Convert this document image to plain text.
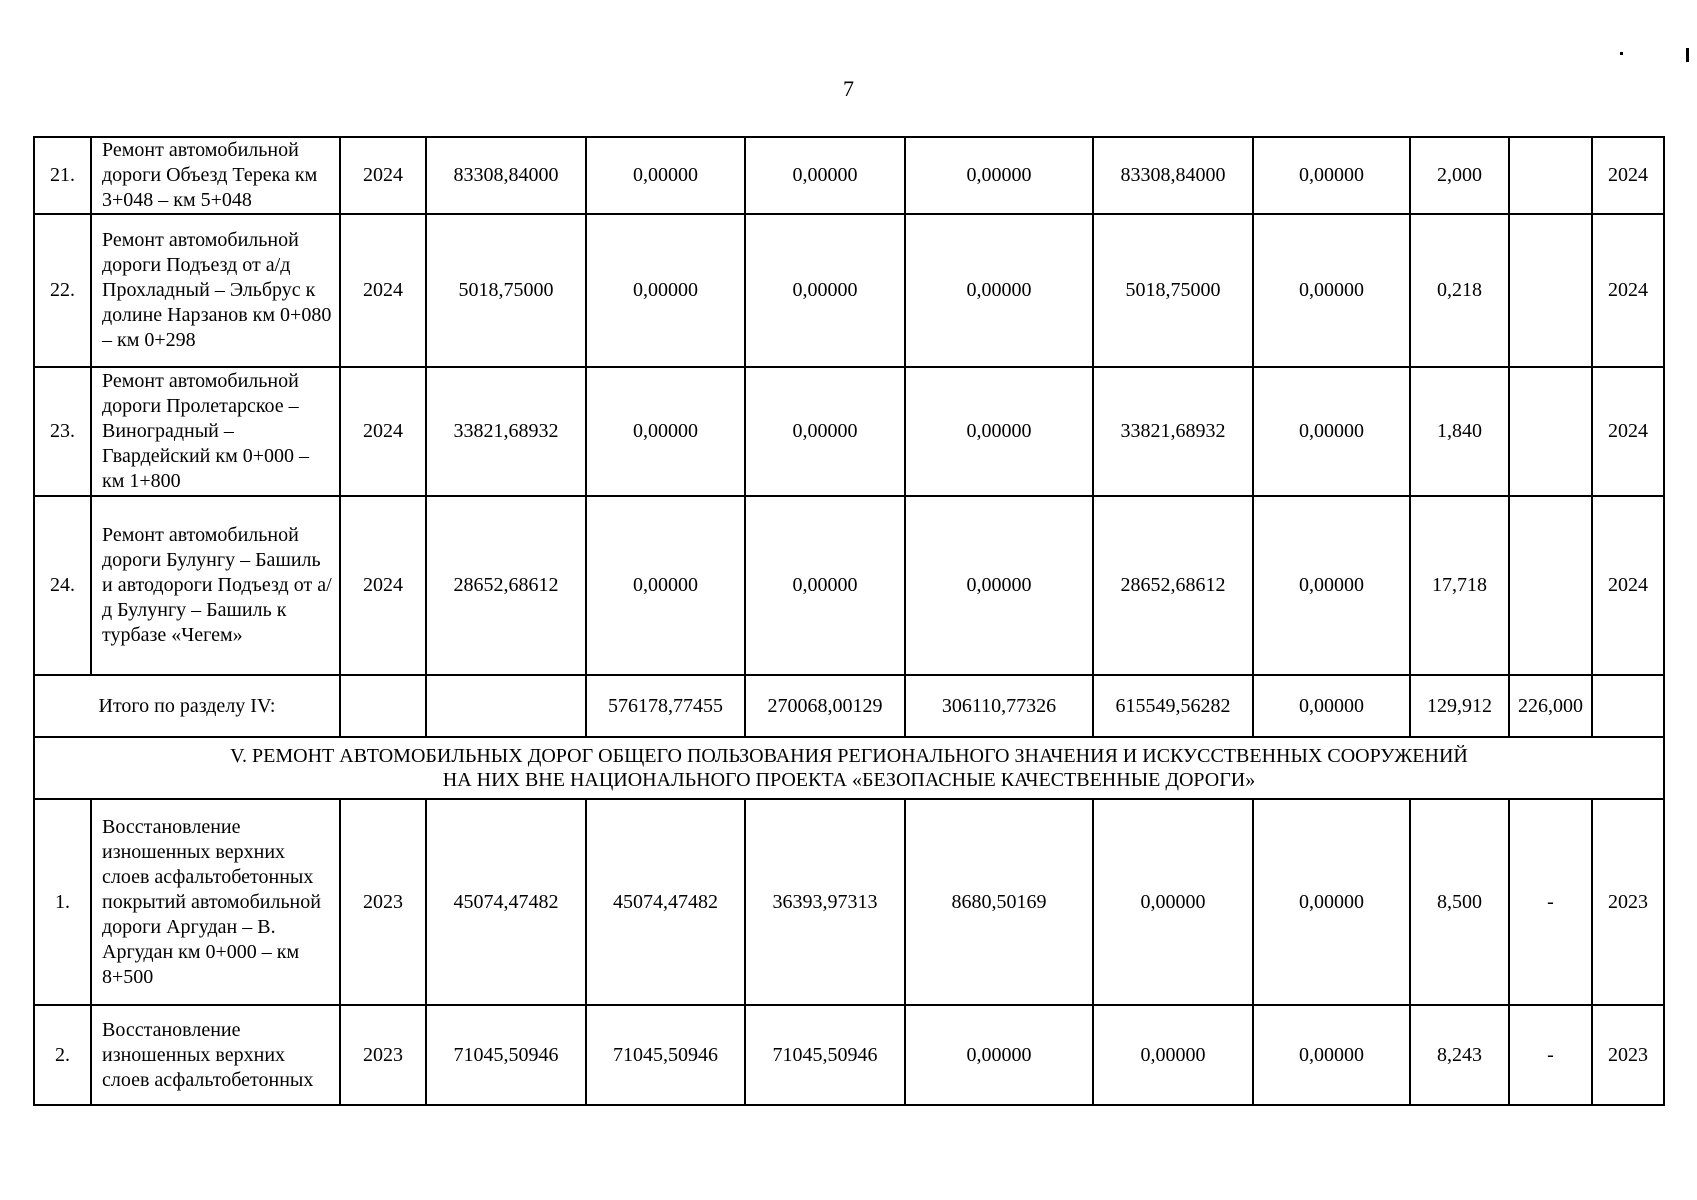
7
21.	Ремонт автомобильной дороги Объезд Терека км 3+048 – км 5+048	2024	83308,84000	0,00000	0,00000	0,00000	83308,84000	0,00000	2,000		2024
22.	Ремонт автомобильной дороги Подъезд от а/д Прохладный – Эльбрус к долине Нарзанов км 0+080 – км 0+298	2024	5018,75000	0,00000	0,00000	0,00000	5018,75000	0,00000	0,218		2024
23.	Ремонт автомобильной дороги Пролетарское – Виноградный – Гвардейский км 0+000 – км 1+800	2024	33821,68932	0,00000	0,00000	0,00000	33821,68932	0,00000	1,840		2024
24.	Ремонт автомобильной дороги Булунгу – Башиль и автодороги Подъезд от а/д Булунгу – Башиль к турбазе «Чегем»	2024	28652,68612	0,00000	0,00000	0,00000	28652,68612	0,00000	17,718		2024
Итого по разделу IV:				576178,77455	270068,00129	306110,77326	615549,56282	0,00000	129,912	226,000	

V. РЕМОНТ АВТОМОБИЛЬНЫХ ДОРОГ ОБЩЕГО ПОЛЬЗОВАНИЯ РЕГИОНАЛЬНОГО ЗНАЧЕНИЯ И ИСКУССТВЕННЫХ СООРУЖЕНИЙ
НА НИХ ВНЕ НАЦИОНАЛЬНОГО ПРОЕКТА «БЕЗОПАСНЫЕ КАЧЕСТВЕННЫЕ ДОРОГИ»											

1.	Восстановление изношенных верхних слоев асфальтобетонных покрытий автомобильной дороги Аргудан – В. Аргудан км 0+000 – км 8+500	2023	45074,47482	45074,47482	36393,97313	8680,50169	0,00000	0,00000	8,500	-	2023
2.	Восстановление изношенных верхних слоев асфальтобетонных	2023	71045,50946	71045,50946	71045,50946	0,00000	0,00000	0,00000	8,243	-	2023
